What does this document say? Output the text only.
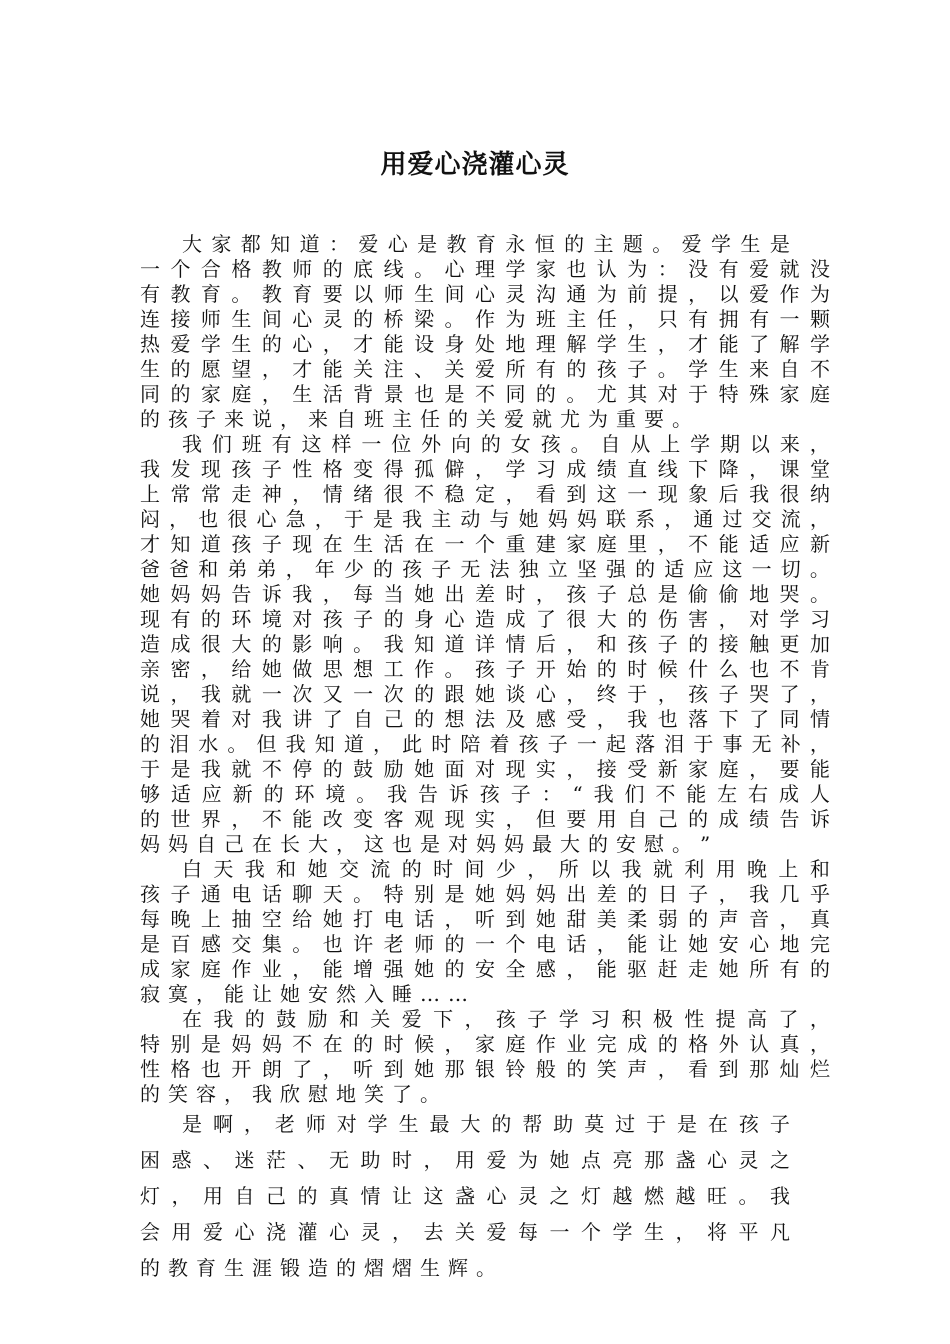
用爱心浇灌心灵
大 家 都 知 道 ： 爱 心 是 教 育 永 恒 的 主 题 。 爱 学 生 是
一 个 合 格 教 师 的 底 线 。 心 理 学 家 也 认 为 ： 没 有 爱 就 没
有 教 育 。 教 育 要 以 师 生 间 心 灵 沟 通 为 前 提 ， 以 爱 作 为
连 接 师 生 间 心 灵 的 桥 梁 。 作 为 班 主 任 ， 只 有 拥 有 一 颗
热 爱 学 生 的 心 ， 才 能 设 身 处 地 理 解 学 生 ， 才 能 了 解 学
生 的 愿 望 ， 才 能 关 注 、 关 爱 所 有 的 孩 子 。 学 生 来 自 不
同 的 家 庭 ， 生 活 背 景 也 是 不 同 的 。 尤 其 对 于 特 殊 家 庭
的 孩 子 来 说 ， 来 自 班 主 任 的 关 爱 就 尤 为 重 要 。
我 们 班 有 这 样 一 位 外 向 的 女 孩 。 自 从 上 学 期 以 来 ，
我 发 现 孩 子 性 格 变 得 孤 僻 ， 学 习 成 绩 直 线 下 降 ， 课 堂
上 常 常 走 神 ， 情 绪 很 不 稳 定 ， 看 到 这 一 现 象 后 我 很 纳
闷 ， 也 很 心 急 ， 于 是 我 主 动 与 她 妈 妈 联 系 ， 通 过 交 流 ，
才 知 道 孩 子 现 在 生 活 在 一 个 重 建 家 庭 里 ， 不 能 适 应 新
爸 爸 和 弟 弟 ， 年 少 的 孩 子 无 法 独 立 坚 强 的 适 应 这 一 切 。
她 妈 妈 告 诉 我 ， 每 当 她 出 差 时 ， 孩 子 总 是 偷 偷 地 哭 。
现 有 的 环 境 对 孩 子 的 身 心 造 成 了 很 大 的 伤 害 ， 对 学 习
造 成 很 大 的 影 响 。 我 知 道 详 情 后 ， 和 孩 子 的 接 触 更 加
亲 密 ， 给 她 做 思 想 工 作 。 孩 子 开 始 的 时 候 什 么 也 不 肯
说 ， 我 就 一 次 又 一 次 的 跟 她 谈 心 ， 终 于 ， 孩 子 哭 了 ，
她 哭 着 对 我 讲 了 自 己 的 想 法 及 感 受 ， 我 也 落 下 了 同 情
的 泪 水 。 但 我 知 道 ， 此 时 陪 着 孩 子 一 起 落 泪 于 事 无 补 ，
于 是 我 就 不 停 的 鼓 励 她 面 对 现 实 ， 接 受 新 家 庭 ， 要 能
够 适 应 新 的 环 境 。 我 告 诉 孩 子 ： “ 我 们 不 能 左 右 成 人
的 世 界 ， 不 能 改 变 客 观 现 实 ， 但 要 用 自 己 的 成 绩 告 诉
妈 妈 自 己 在 长 大 ， 这 也 是 对 妈 妈 最 大 的 安 慰 。 ”
白 天 我 和 她 交 流 的 时 间 少 ， 所 以 我 就 利 用 晚 上 和
孩 子 通 电 话 聊 天 。 特 别 是 她 妈 妈 出 差 的 日 子 ， 我 几 乎
每 晚 上 抽 空 给 她 打 电 话 ， 听 到 她 甜 美 柔 弱 的 声 音 ， 真
是 百 感 交 集 。 也 许 老 师 的 一 个 电 话 ， 能 让 她 安 心 地 完
成 家 庭 作 业 ， 能 增 强 她 的 安 全 感 ， 能 驱 赶 走 她 所 有 的
寂 寞 ， 能 让 她 安 然 入 睡 … …
在 我 的 鼓 励 和 关 爱 下 ， 孩 子 学 习 积 极 性 提 高 了 ，
特 别 是 妈 妈 不 在 的 时 候 ， 家 庭 作 业 完 成 的 格 外 认 真 ，
性 格 也 开 朗 了 ， 听 到 她 那 银 铃 般 的 笑 声 ， 看 到 那 灿 烂
的 笑 容 ， 我 欣 慰 地 笑 了 。
是 啊 ， 老 师 对 学 生 最 大 的 帮 助 莫 过 于 是 在 孩 子
困 惑 、 迷 茫 、 无 助 时 ， 用 爱 为 她 点 亮 那 盏 心 灵 之
灯 ， 用 自 己 的 真 情 让 这 盏 心 灵 之 灯 越 燃 越 旺 。 我
会 用 爱 心 浇 灌 心 灵 ， 去 关 爱 每 一 个 学 生 ， 将 平 凡
的 教 育 生 涯 锻 造 的 熠 熠 生 辉 。
